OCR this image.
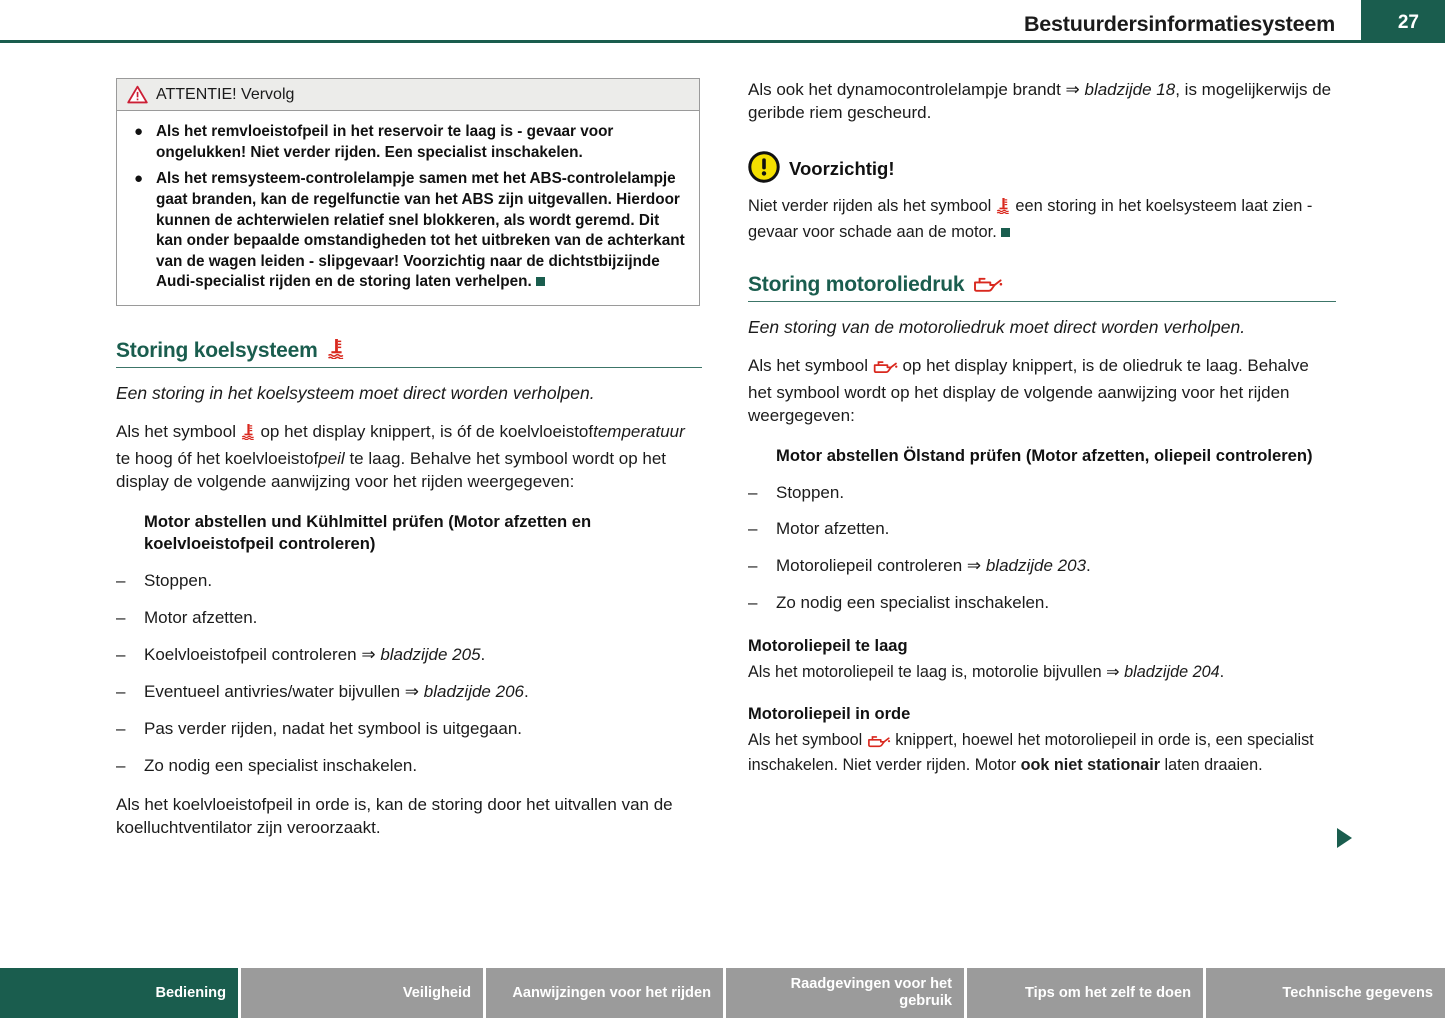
Bestuurdersinformatiesysteem	27
ATTENTIE! Vervolg
● Als het remvloeistofpeil in het reservoir te laag is - gevaar voor ongelukken! Niet verder rijden. Een specialist inschakelen.
● Als het remsysteem-controlelampje samen met het ABS-controlelampje gaat branden, kan de regelfunctie van het ABS zijn uitgevallen. Hierdoor kunnen de achterwielen relatief snel blokkeren, als wordt geremd. Dit kan onder bepaalde omstandigheden tot het uitbreken van de achterkant van de wagen leiden - slipgevaar! Voorzichtig naar de dichtstbijzijnde Audi-specialist rijden en de storing laten verhelpen.
Storing koelsysteem
Een storing in het koelsysteem moet direct worden verholpen.

Als het symbool op het display knippert, is óf de koelvloeistoftemperatuur te hoog óf het koelvloeistofpeil te laag. Behalve het symbool wordt op het display de volgende aanwijzing voor het rijden weergegeven:

Motor abstellen und Kühlmittel prüfen (Motor afzetten en koelvloeistofpeil controleren)
–	Stoppen.
–	Motor afzetten.
–	Koelvloeistofpeil controleren ⇒ bladzijde 205.
–	Eventueel antivries/water bijvullen ⇒ bladzijde 206.
–	Pas verder rijden, nadat het symbool is uitgegaan.
–	Zo nodig een specialist inschakelen.

Als het koelvloeistofpeil in orde is, kan de storing door het uitvallen van de koelluchtventilator zijn veroorzaakt.

Als ook het dynamocontrolelampje brandt ⇒ bladzijde 18, is mogelijkerwijs de geribde riem gescheurd.

Voorzichtig!
Niet verder rijden als het symbool een storing in het koelsysteem laat zien - gevaar voor schade aan de motor.
Storing motoroliedruk
Een storing van de motoroliedruk moet direct worden verholpen.

Als het symbool op het display knippert, is de oliedruk te laag. Behalve het symbool wordt op het display de volgende aanwijzing voor het rijden weergegeven:

Motor abstellen Ölstand prüfen (Motor afzetten, oliepeil controleren)
–	Stoppen.
–	Motor afzetten.
–	Motoroliepeil controleren ⇒ bladzijde 203.
–	Zo nodig een specialist inschakelen.
Motoroliepeil te laag

Als het motoroliepeil te laag is, motorolie bijvullen ⇒ bladzijde 204.

Motoroliepeil in orde

Als het symbool knippert, hoewel het motoroliepeil in orde is, een specialist inschakelen. Niet verder rijden. Motor ook niet stationair laten draaien.

Bediening	Veiligheid	Aanwijzingen voor het rijden
Raadgevingen voor het gebruik
Tips om het zelf te doen	Technische gegevens
